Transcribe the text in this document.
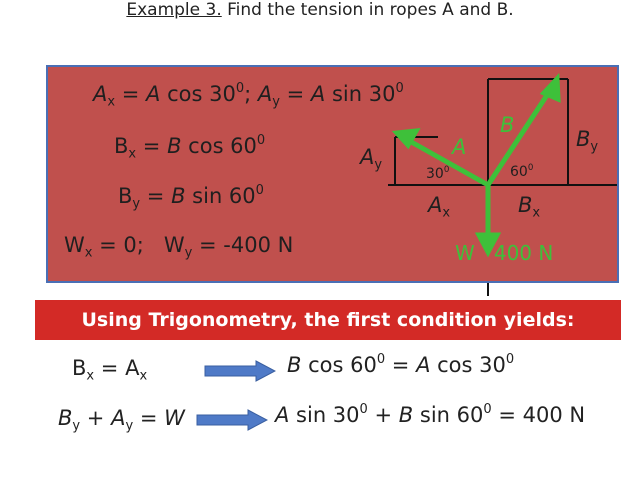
Example 3. Find the tension in ropes A and B.
$A_x = A$ $\cos 30^0$; $A_y = A$ $\sin 30^0$
$B_x = B$ $\cos 60^0$
$B_y = B$ $\sin 60^0$
$W_x = 0$; $W_y = -400$ N
A
B
$A_y$
$B_y$
$30^0$	$60^0$
$A_x$	$B_x$
W   400 N
Using Trigonometry, the first condition yields:
$B_x = A_x$	B $\cos 60^0 = A$ $\cos 30^0$
$B_y + A_y = W$	A $\sin 30^0 + B$ $\sin 60^0 = 400$ N
